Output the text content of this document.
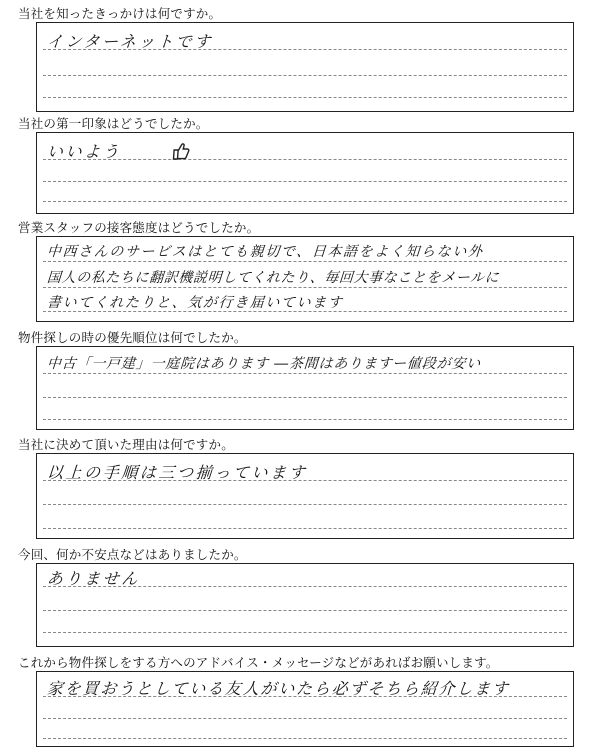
当社を知ったきっかけは何ですか。
インターネットです
当社の第一印象はどうでしたか。
いいよう
営業スタッフの接客態度はどうでしたか。
中西さんのサービスはとても親切で、日本語をよく知らない外
国人の私たちに翻訳機説明してくれたり、毎回大事なことをメールに
書いてくれたりと、気が行き届いています
物件探しの時の優先順位は何でしたか。
中古「一戸建」一庭院はあります ―茶間はありますー値段が安い
当社に決めて頂いた理由は何ですか。
以上の手順は三つ揃っています
今回、何か不安点などはありましたか。
ありません
これから物件探しをする方へのアドバイス・メッセージなどがあればお願いします。
家を買おうとしている友人がいたら必ずそちら紹介します
